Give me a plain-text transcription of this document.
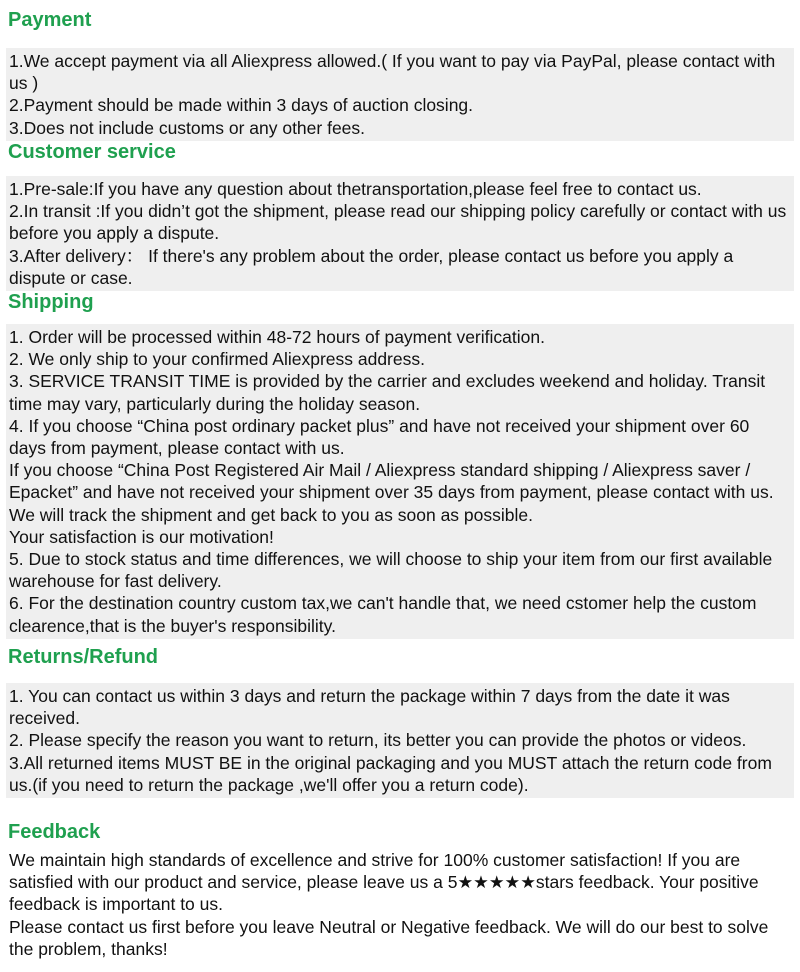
Payment

1.We accept payment via all Aliexpress allowed.( If you want to pay via PayPal, please contact with us )

2.Payment should be made within 3 days of auction closing.

3.Does not include customs or any other fees.

Customer service

1.Pre-sale:If you have any question about thetransportation,please feel free to contact us.

2.In transit :If you didn’t got the shipment, please read our shipping policy carefully or contact with us before you apply a dispute.

3.After delivery： If there's any problem about the order, please contact us before you apply a dispute or case.

Shipping

1. Order will be processed within 48-72 hours of payment verification.

2. We only ship to your confirmed Aliexpress address.

3. SERVICE TRANSIT TIME is provided by the carrier and excludes weekend and holiday. Transit time may vary, particularly during the holiday season.

4. If you choose “China post ordinary packet plus” and have not received your shipment over 60 days from payment, please contact with us.

If you choose “China Post Registered Air Mail / Aliexpress standard shipping / Aliexpress saver / Epacket” and have not received your shipment over 35 days from payment, please contact with us. We will track the shipment and get back to you as soon as possible.

Your satisfaction is our motivation!

5. Due to stock status and time differences, we will choose to ship your item from our first available warehouse for fast delivery.

6. For the destination country custom tax,we can't handle that, we need cstomer help the custom clearence,that is the buyer's responsibility.

Returns/Refund

1. You can contact us within 3 days and return the package within 7 days from the date it was received.

2. Please specify the reason you want to return, its better you can provide the photos or videos.

3.All returned items MUST BE in the original packaging and you MUST attach the return code from us.(if you need to return the package ,we'll offer you a return code).

Feedback

We maintain high standards of excellence and strive for 100% customer satisfaction! If you are satisfied with our product and service, please leave us a 5★★★★★stars feedback. Your positive feedback is important to us.

Please contact us first before you leave Neutral or Negative feedback. We will do our best to solve the problem, thanks!
